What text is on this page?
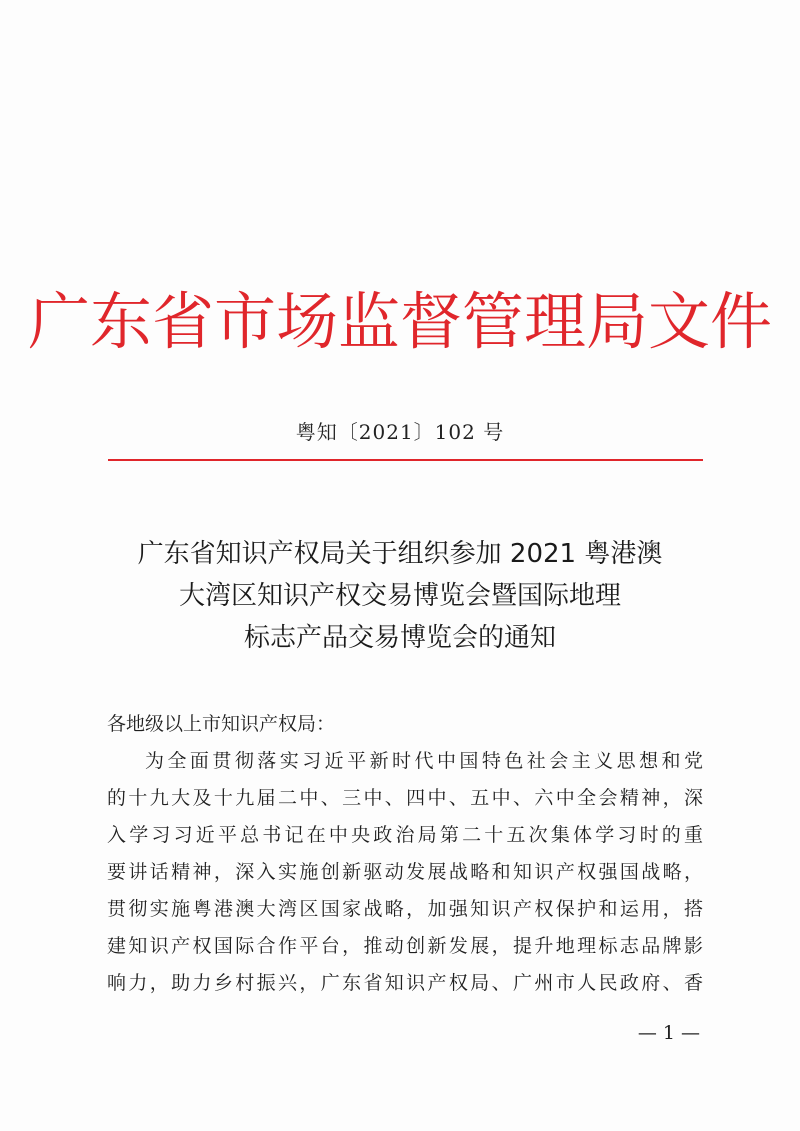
广东省市场监督管理局文件
粤知〔2021〕102 号
广东省知识产权局关于组织参加 2021 粤港澳
大湾区知识产权交易博览会暨国际地理
标志产品交易博览会的通知
各地级以上市知识产权局：
为全面贯彻落实习近平新时代中国特色社会主义思想和党
的十九大及十九届二中、三中、四中、五中、六中全会精神，深
入学习习近平总书记在中央政治局第二十五次集体学习时的重
要讲话精神，深入实施创新驱动发展战略和知识产权强国战略，
贯彻实施粤港澳大湾区国家战略，加强知识产权保护和运用，搭
建知识产权国际合作平台，推动创新发展，提升地理标志品牌影
响力，助力乡村振兴，广东省知识产权局、广州市人民政府、香
— 1 —
